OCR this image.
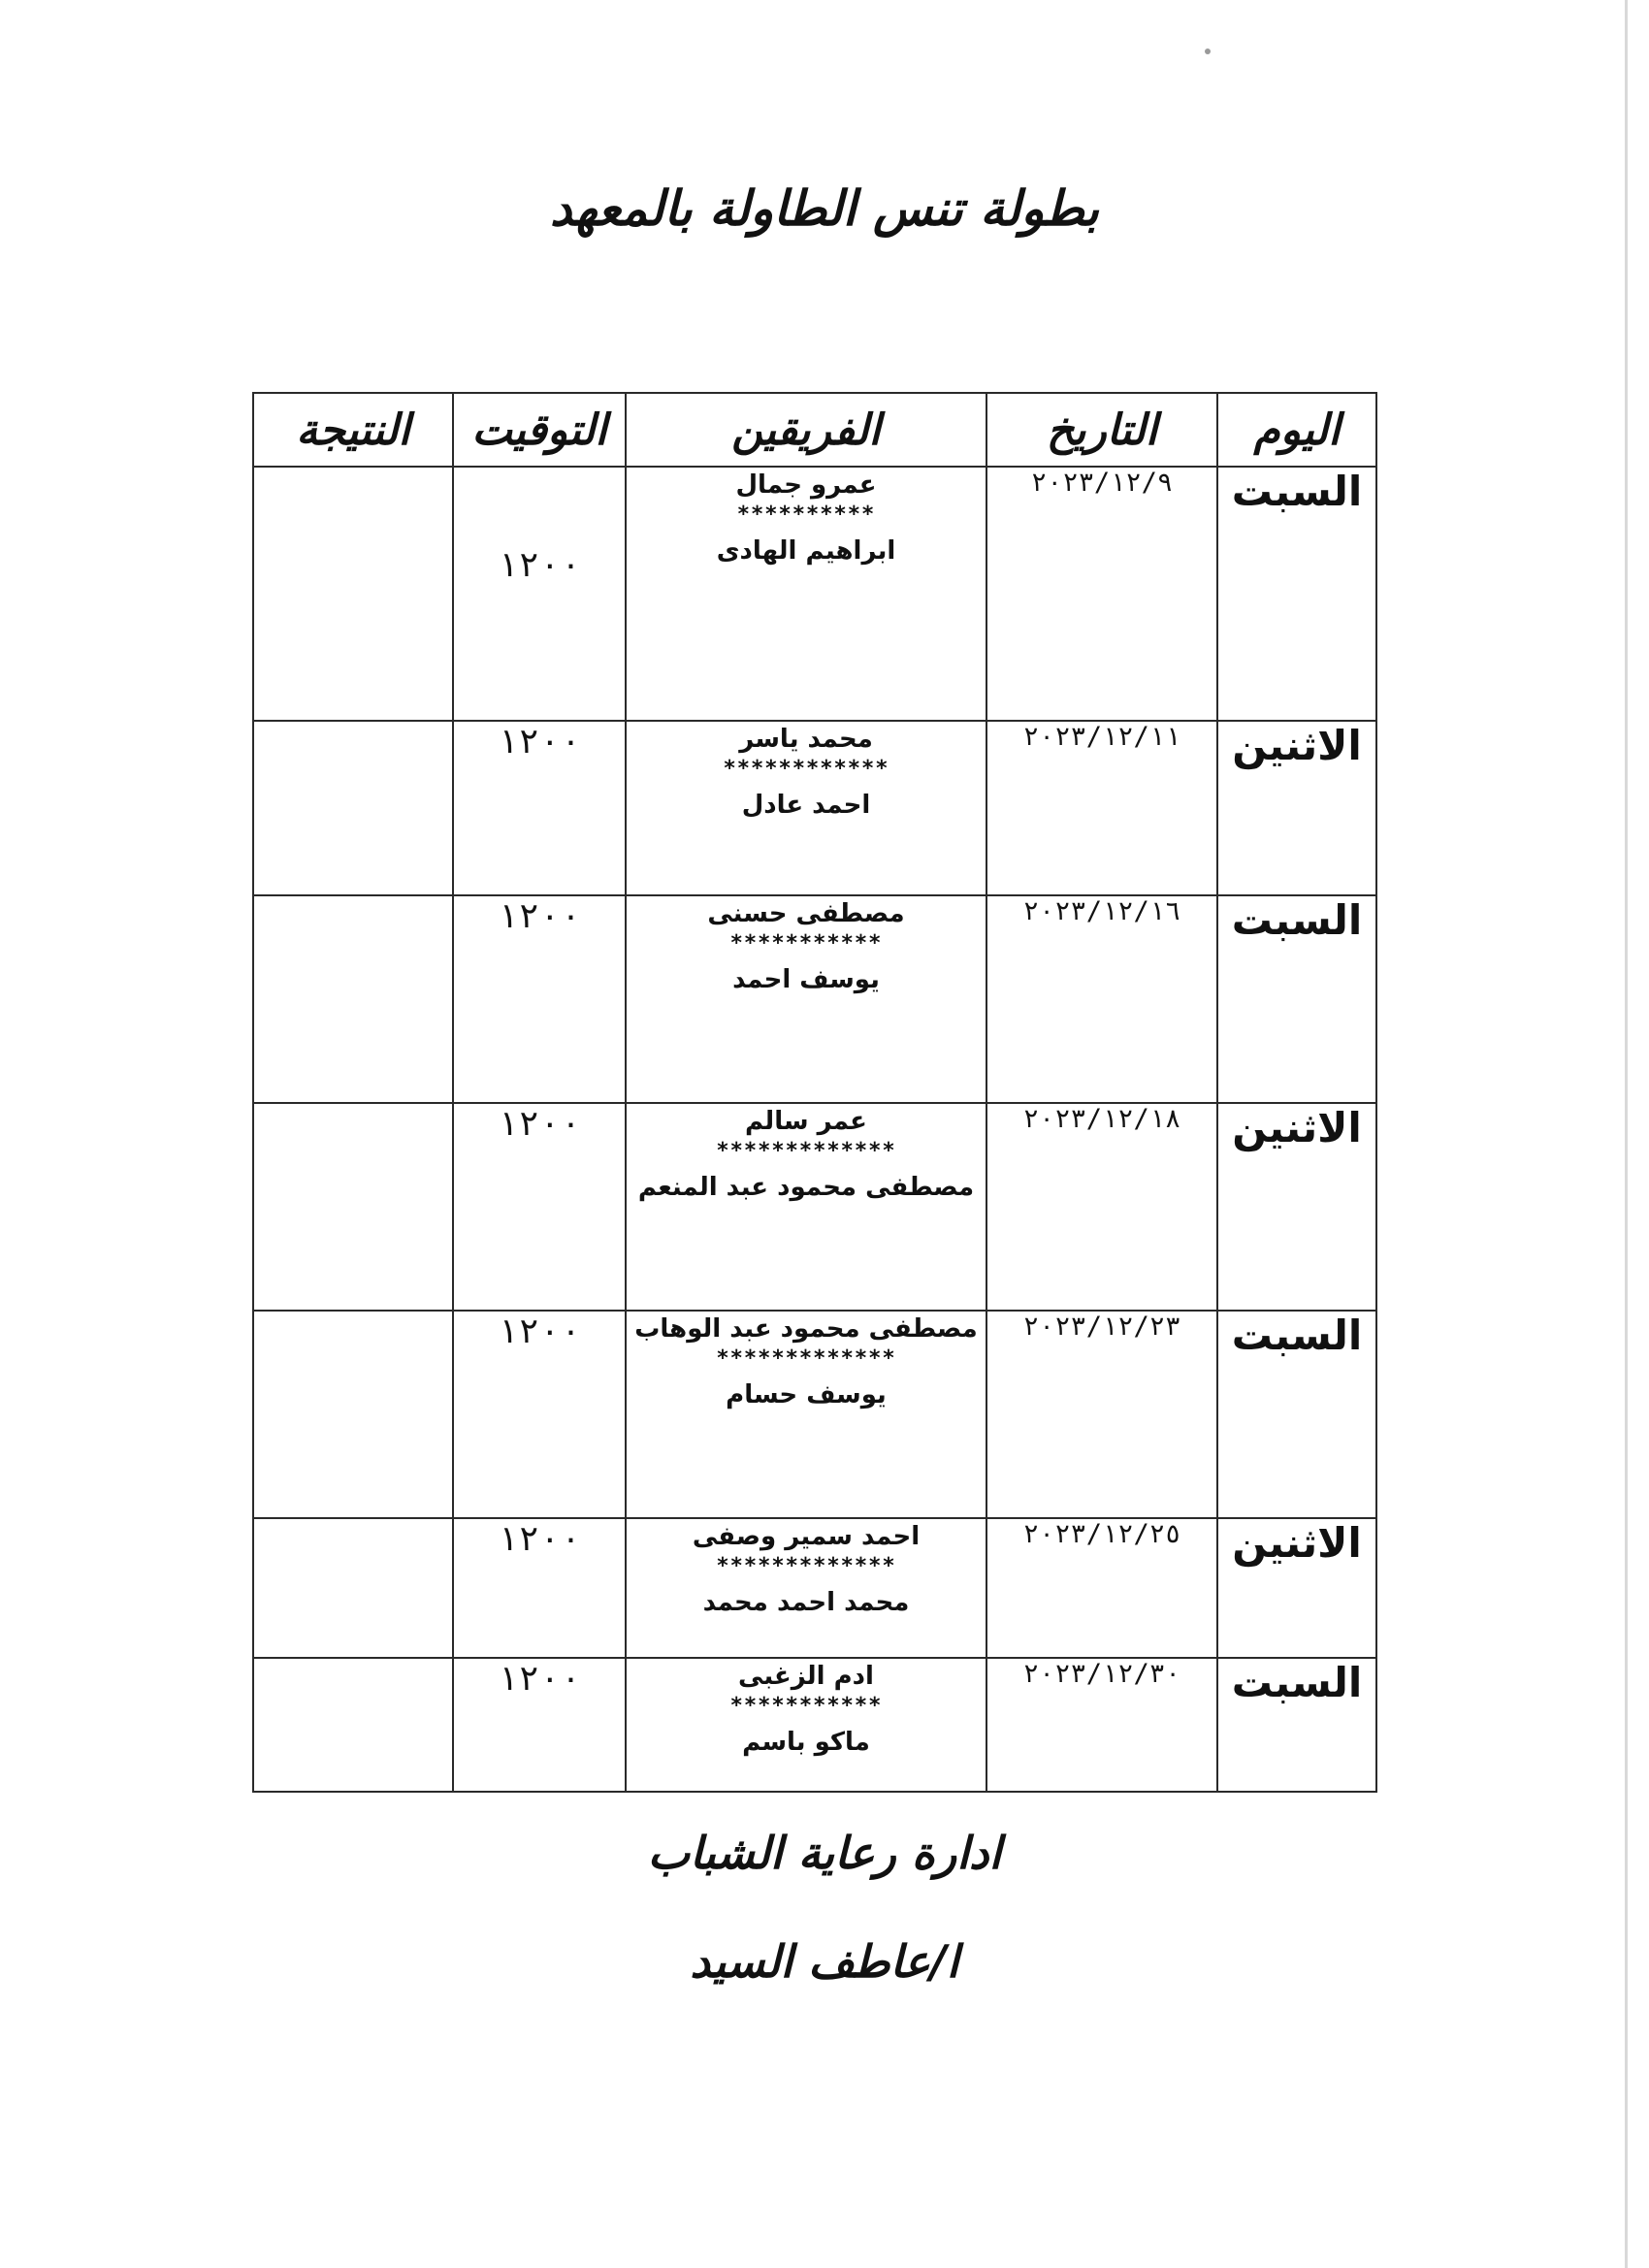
بطولة تنس الطاولة بالمعهد
اليوم	التاريخ	الفريقين	التوقيت	النتيجة
السبت	٢٠٢٣/١٢/٩	عمرو جمال
**********
ابراهيم الهادى	١٢٠٠	
الاثنين	٢٠٢٣/١٢/١١	محمد ياسر
************
احمد عادل	١٢٠٠	
السبت	٢٠٢٣/١٢/١٦	مصطفى حسنى
***********
يوسف احمد	١٢٠٠	
الاثنين	٢٠٢٣/١٢/١٨	عمر سالم
*************
مصطفى محمود عبد المنعم	١٢٠٠	
السبت	٢٠٢٣/١٢/٢٣	مصطفى محمود عبد الوهاب
*************
يوسف حسام	١٢٠٠	
الاثنين	٢٠٢٣/١٢/٢٥	احمد سمير وصفى
*************
محمد احمد محمد	١٢٠٠	
السبت	٢٠٢٣/١٢/٣٠	ادم الزغبى
***********
ماكو باسم	١٢٠٠	
ادارة رعاية الشباب
ا/عاطف السيد
